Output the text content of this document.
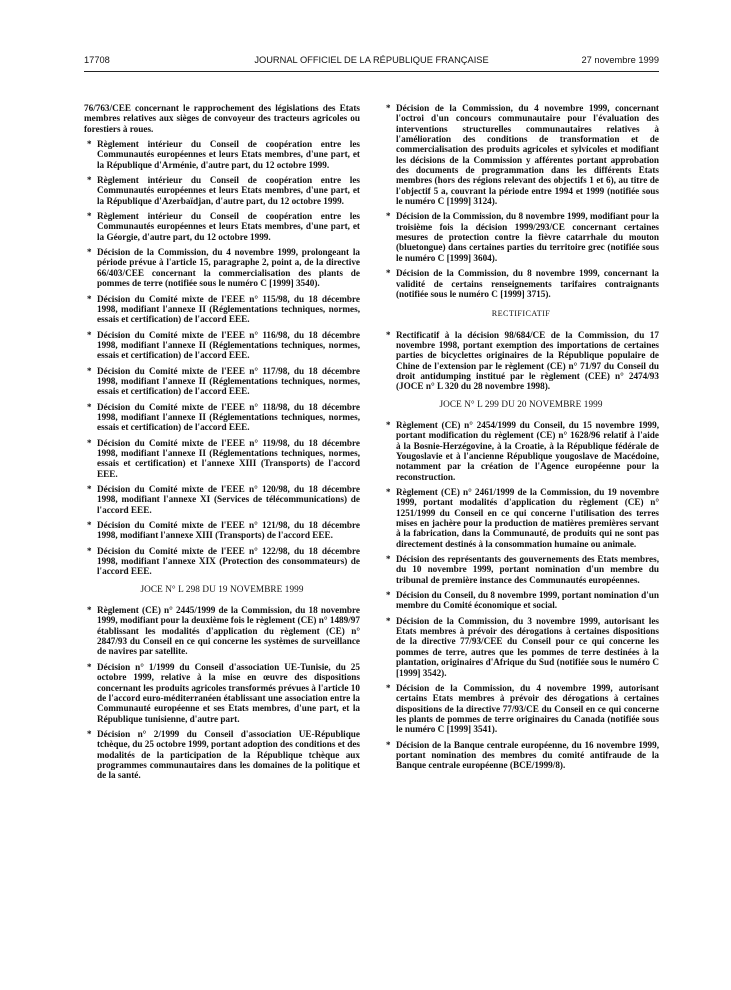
17708	JOURNAL OFFICIEL DE LA RÉPUBLIQUE FRANÇAISE	27 novembre 1999
76/763/CEE concernant le rapprochement des législations des Etats membres relatives aux sièges de convoyeur des tracteurs agricoles ou forestiers à roues.
* Règlement intérieur du Conseil de coopération entre les Communautés européennes et leurs Etats membres, d'une part, et la République d'Arménie, d'autre part, du 12 octobre 1999.
* Règlement intérieur du Conseil de coopération entre les Communautés européennes et leurs Etats membres, d'une part, et la République d'Azerbaïdjan, d'autre part, du 12 octobre 1999.
* Règlement intérieur du Conseil de coopération entre les Communautés européennes et leurs Etats membres, d'une part, et la Géorgie, d'autre part, du 12 octobre 1999.
* Décision de la Commission, du 4 novembre 1999, prolongeant la période prévue à l'article 15, paragraphe 2, point a, de la directive 66/403/CEE concernant la commercialisation des plants de pommes de terre (notifiée sous le numéro C [1999] 3540).
* Décision du Comité mixte de l'EEE n° 115/98, du 18 décembre 1998, modifiant l'annexe II (Réglementations techniques, normes, essais et certification) de l'accord EEE.
* Décision du Comité mixte de l'EEE n° 116/98, du 18 décembre 1998, modifiant l'annexe II (Réglementations techniques, normes, essais et certification) de l'accord EEE.
* Décision du Comité mixte de l'EEE n° 117/98, du 18 décembre 1998, modifiant l'annexe II (Réglementations techniques, normes, essais et certification) de l'accord EEE.
* Décision du Comité mixte de l'EEE n° 118/98, du 18 décembre 1998, modifiant l'annexe II (Réglementations techniques, normes, essais et certification) de l'accord EEE.
* Décision du Comité mixte de l'EEE n° 119/98, du 18 décembre 1998, modifiant l'annexe II (Réglementations techniques, normes, essais et certification) et l'annexe XIII (Transports) de l'accord EEE.
* Décision du Comité mixte de l'EEE n° 120/98, du 18 décembre 1998, modifiant l'annexe XI (Services de télécommunications) de l'accord EEE.
* Décision du Comité mixte de l'EEE n° 121/98, du 18 décembre 1998, modifiant l'annexe XIII (Transports) de l'accord EEE.
* Décision du Comité mixte de l'EEE n° 122/98, du 18 décembre 1998, modifiant l'annexe XIX (Protection des consommateurs) de l'accord EEE.
JOCE N° L 298 DU 19 NOVEMBRE 1999
* Règlement (CE) n° 2445/1999 de la Commission, du 18 novembre 1999, modifiant pour la deuxième fois le règlement (CE) n° 1489/97 établissant les modalités d'application du règlement (CE) n° 2847/93 du Conseil en ce qui concerne les systèmes de surveillance de navires par satellite.
* Décision n° 1/1999 du Conseil d'association UE-Tunisie, du 25 octobre 1999, relative à la mise en œuvre des dispositions concernant les produits agricoles transformés prévues à l'article 10 de l'accord euro-méditerranéen établissant une association entre la Communauté européenne et ses Etats membres, d'une part, et la République tunisienne, d'autre part.
* Décision n° 2/1999 du Conseil d'association UE-République tchèque, du 25 octobre 1999, portant adoption des conditions et des modalités de la participation de la République tchèque aux programmes communautaires dans les domaines de la politique et de la santé.
* Décision de la Commission, du 4 novembre 1999, concernant l'octroi d'un concours communautaire pour l'évaluation des interventions structurelles communautaires relatives à l'amélioration des conditions de transformation et de commercialisation des produits agricoles et sylvicoles et modifiant les décisions de la Commission y afférentes portant approbation des documents de programmation dans les différents Etats membres (hors des régions relevant des objectifs 1 et 6), au titre de l'objectif 5 a, couvrant la période entre 1994 et 1999 (notifiée sous le numéro C [1999] 3124).
* Décision de la Commission, du 8 novembre 1999, modifiant pour la troisième fois la décision 1999/293/CE concernant certaines mesures de protection contre la fièvre catarrhale du mouton (bluetongue) dans certaines parties du territoire grec (notifiée sous le numéro C [1999] 3604).
* Décision de la Commission, du 8 novembre 1999, concernant la validité de certains renseignements tarifaires contraignants (notifiée sous le numéro C [1999] 3715).
RECTIFICATIF
* Rectificatif à la décision 98/684/CE de la Commission, du 17 novembre 1998, portant exemption des importations de certaines parties de bicyclettes originaires de la République populaire de Chine de l'extension par le règlement (CE) n° 71/97 du Conseil du droit antidumping institué par le règlement (CEE) n° 2474/93 (JOCE n° L 320 du 28 novembre 1998).
JOCE N° L 299 DU 20 NOVEMBRE 1999
* Règlement (CE) n° 2454/1999 du Conseil, du 15 novembre 1999, portant modification du règlement (CE) n° 1628/96 relatif à l'aide à la Bosnie-Herzégovine, à la Croatie, à la République fédérale de Yougoslavie et à l'ancienne République yougoslave de Macédoine, notamment par la création de l'Agence européenne pour la reconstruction.
* Règlement (CE) n° 2461/1999 de la Commission, du 19 novembre 1999, portant modalités d'application du règlement (CE) n° 1251/1999 du Conseil en ce qui concerne l'utilisation des terres mises en jachère pour la production de matières premières servant à la fabrication, dans la Communauté, de produits qui ne sont pas directement destinés à la consommation humaine ou animale.
* Décision des représentants des gouvernements des Etats membres, du 10 novembre 1999, portant nomination d'un membre du tribunal de première instance des Communautés européennes.
* Décision du Conseil, du 8 novembre 1999, portant nomination d'un membre du Comité économique et social.
* Décision de la Commission, du 3 novembre 1999, autorisant les Etats membres à prévoir des dérogations à certaines dispositions de la directive 77/93/CEE du Conseil pour ce qui concerne les pommes de terre, autres que les pommes de terre destinées à la plantation, originaires d'Afrique du Sud (notifiée sous le numéro C [1999] 3542).
* Décision de la Commission, du 4 novembre 1999, autorisant certains Etats membres à prévoir des dérogations à certaines dispositions de la directive 77/93/CE du Conseil en ce qui concerne les plants de pommes de terre originaires du Canada (notifiée sous le numéro C [1999] 3541).
* Décision de la Banque centrale européenne, du 16 novembre 1999, portant nomination des membres du comité antifraude de la Banque centrale européenne (BCE/1999/8).
